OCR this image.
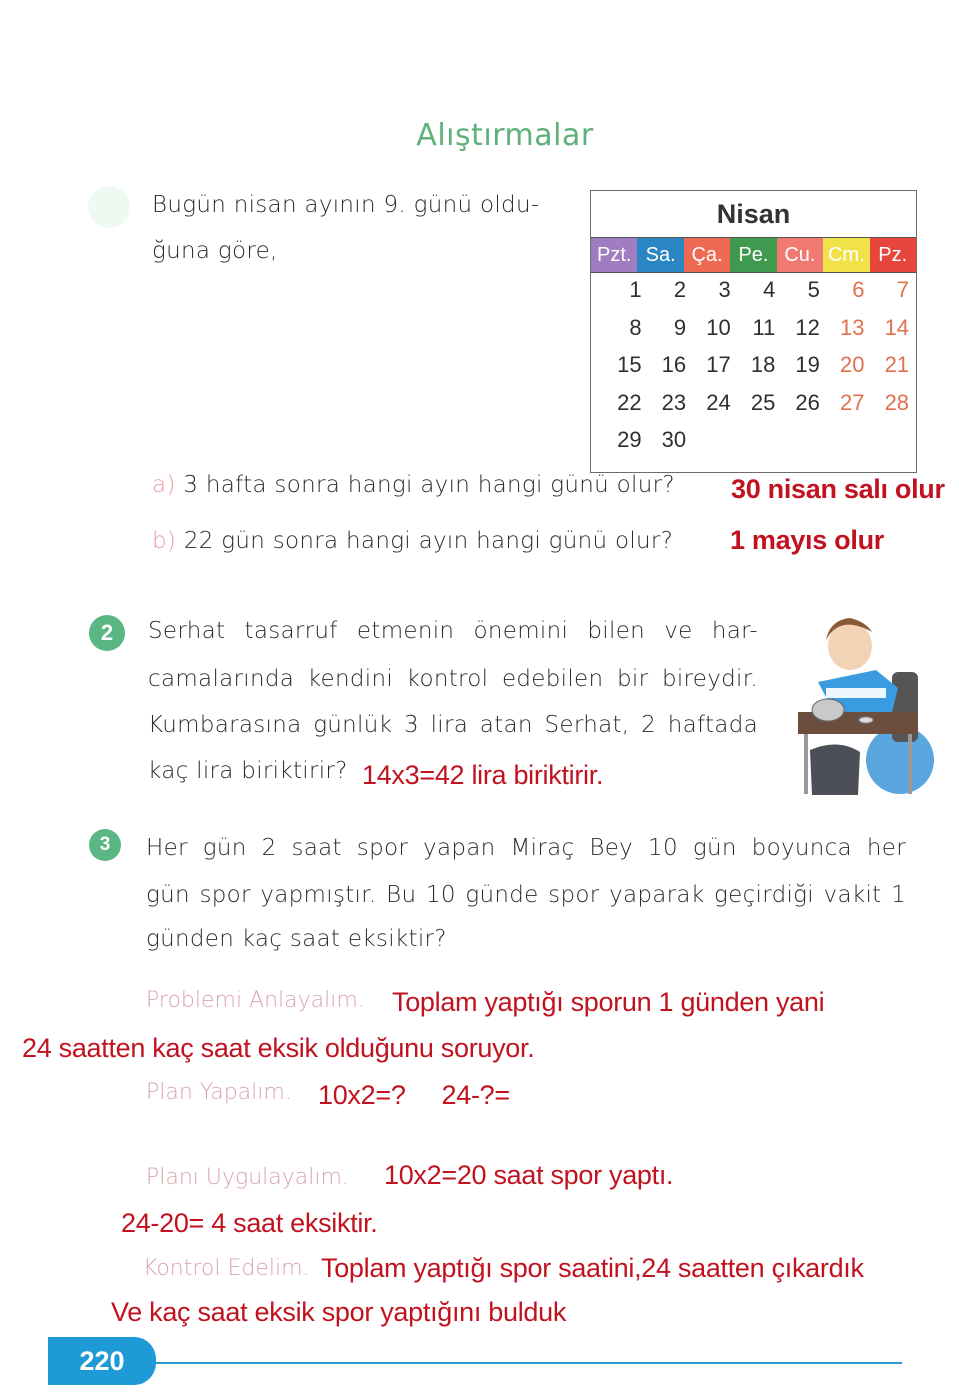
Alıştırmalar
Bugün nisan ayının 9. günü oldu-
ğuna göre,
Nisan
Pzt. Sa. Ça. Pe. Cu. Cm. Pz.
1	2	3	4	5	6	7
8	9 10 11 12 13 14
15 16 17 18 19 20 21
22 23 24 25 26 27 28
29 30
a) 3 hafta sonra hangi ayın hangi günü olur? 30 nisan salı olur
b) 22 gün sonra hangi ayın hangi günü olur? 1 mayıs olur
2	Serhat tasarruf etmenin önemini bilen ve har-
camalarında kendini kontrol edebilen bir bireydir.
Kumbarasına günlük 3 lira atan Serhat, 2 haftada
kaç lira biriktirir? 14x3=42 lira biriktirir.
3	Her gün 2 saat spor yapan Miraç Bey 10 gün boyunca her
gün spor yapmıştır. Bu 10 günde spor yaparak geçirdiği vakit 1
günden kaç saat eksiktir?
Problemi Anlayalım. Toplam yaptığı sporun 1 günden yani
24 saatten kaç saat eksik olduğunu soruyor.
Plan Yapalım. 10x2=?     24-?=
Planı Uygulayalım. 10x2=20 saat spor yaptı.
24-20= 4 saat eksiktir.
Kontrol Edelim. Toplam yaptığı spor saatini,24 saatten çıkardık
Ve kaç saat eksik spor yaptığını bulduk
220
